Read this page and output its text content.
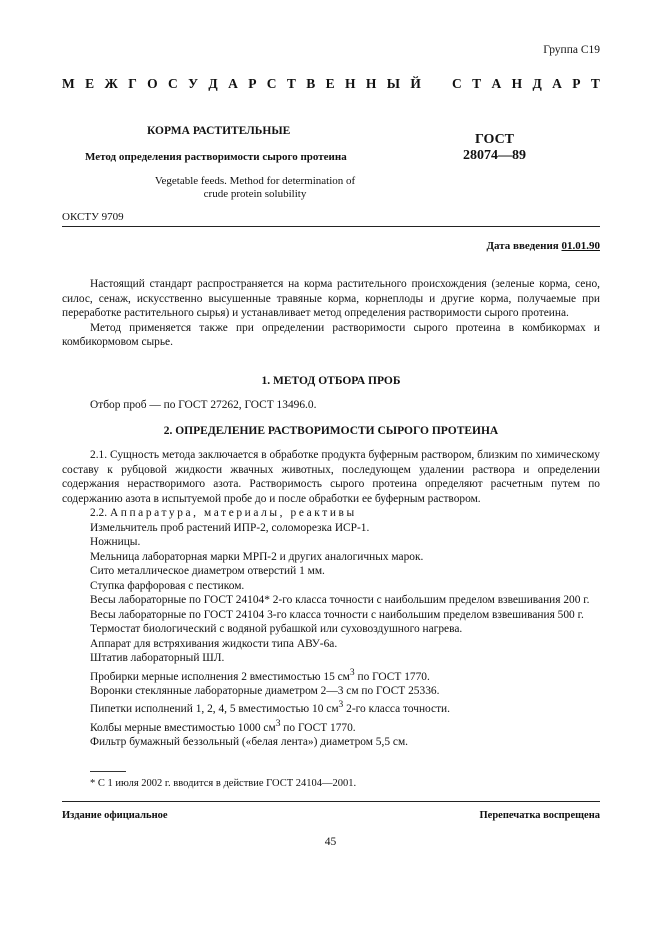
Группа С19
М Е Ж Г О С У Д А Р С Т В Е Н Н Ы Й С Т А Н Д А Р Т
КОРМА РАСТИТЕЛЬНЫЕ
Метод определения растворимости сырого протеина
ГОСТ
28074—89
Vegetable feeds. Method for determination of crude protein solubility
ОКСТУ 9709
Дата введения 01.01.90

Настоящий стандарт распространяется на корма растительного происхождения (зеленые корма, сено, силос, сенаж, искусственно высушенные травяные корма, корнеплоды и другие корма, получаемые при переработке растительного сырья) и устанавливает метод определения растворимости сырого протеина.

Метод применяется также при определении растворимости сырого протеина в комбикормах и комбикормовом сырье.

1. МЕТОД ОТБОРА ПРОБ

Отбор проб — по ГОСТ 27262, ГОСТ 13496.0.

2. ОПРЕДЕЛЕНИЕ РАСТВОРИМОСТИ СЫРОГО ПРОТЕИНА

2.1. Сущность метода заключается в обработке продукта буферным раствором, близким по химическому составу к рубцовой жидкости жвачных животных, последующем удалении раствора и определении содержания нерастворимого азота. Растворимость сырого протеина определяют расчетным путем по содержанию азота в испытуемой пробе до и после обработки ее буферным раствором.

2.2. Аппаратура, материалы, реактивы

Измельчитель проб растений ИПР-2, соломорезка ИСР-1.

Ножницы.

Мельница лабораторная марки МРП-2 и других аналогичных марок.

Сито металлическое диаметром отверстий 1 мм.

Ступка фарфоровая с пестиком.

Весы лабораторные по ГОСТ 24104* 2-го класса точности с наибольшим пределом взвешивания 200 г.

Весы лабораторные по ГОСТ 24104 3-го класса точности с наибольшим пределом взвешивания 500 г.

Термостат биологический с водяной рубашкой или суховоздушного нагрева.

Аппарат для встряхивания жидкости типа АВУ-6а.

Штатив лабораторный ШЛ.

Пробирки мерные исполнения 2 вместимостью 15 $см^3$ по ГОСТ 1770.

Воронки стеклянные лабораторные диаметром 2—3 см по ГОСТ 25336.

Пипетки исполнений 1, 2, 4, 5 вместимостью 10 $см^3$ 2-го класса точности.

Колбы мерные вместимостью 1000 $см^3$ по ГОСТ 1770.

Фильтр бумажный беззольный («белая лента») диаметром 5,5 см.

* С 1 июля 2002 г. вводится в действие ГОСТ 24104—2001.
Издание официальное	Перепечатка воспрещена
45
